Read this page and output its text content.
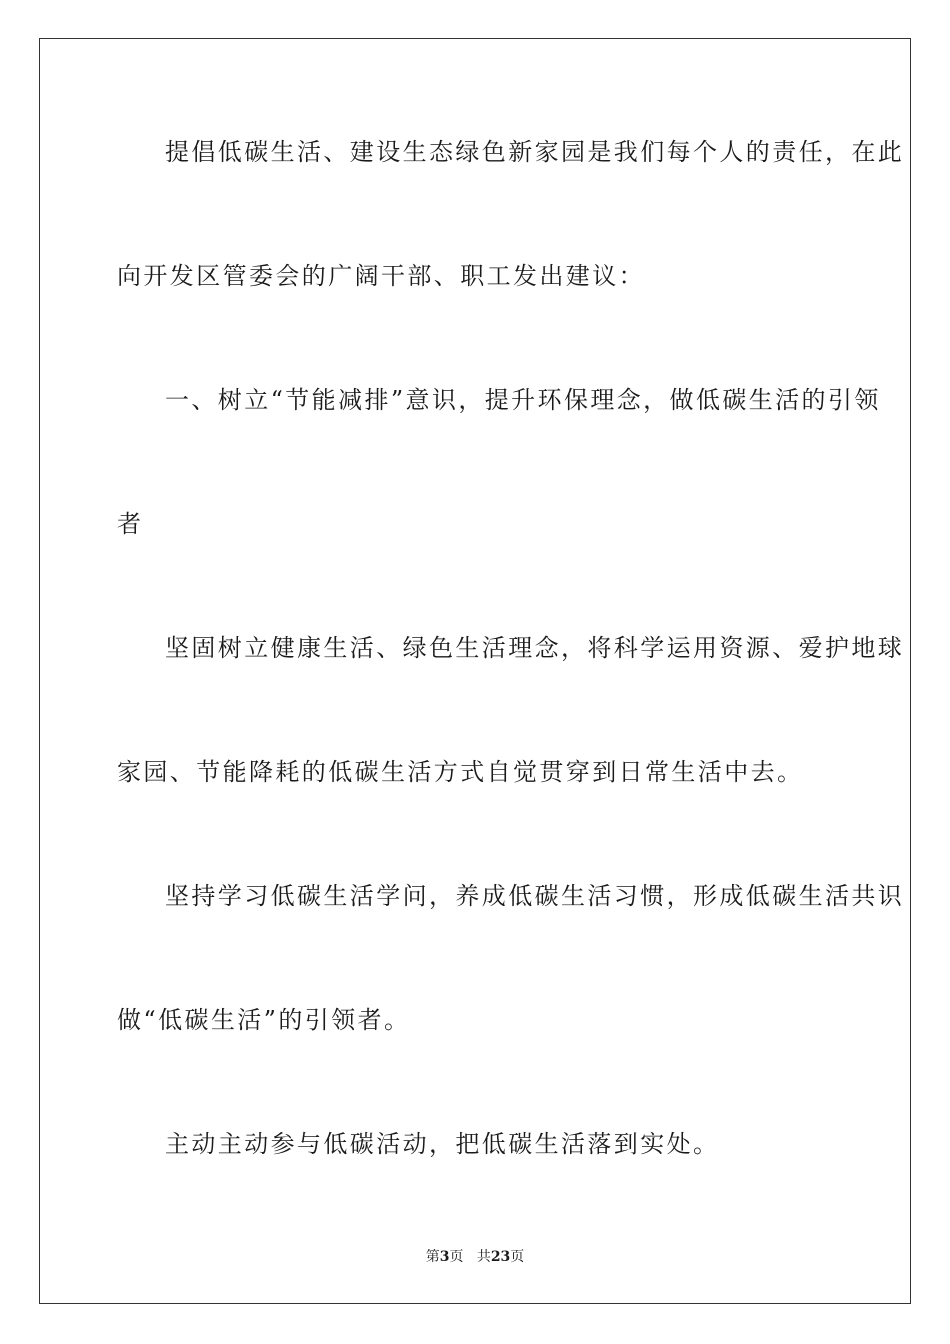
提倡低碳生活、建设生态绿色新家园是我们每个人的责任，在此
向开发区管委会的广阔干部、职工发出建议：
一、树立“节能减排”意识，提升环保理念，做低碳生活的引领
者
坚固树立健康生活、绿色生活理念，将科学运用资源、爱护地球
家园、节能降耗的低碳生活方式自觉贯穿到日常生活中去。
坚持学习低碳生活学问，养成低碳生活习惯，形成低碳生活共识
做“低碳生活”的引领者。
主动主动参与低碳活动，把低碳生活落到实处。
第3页 共23页
